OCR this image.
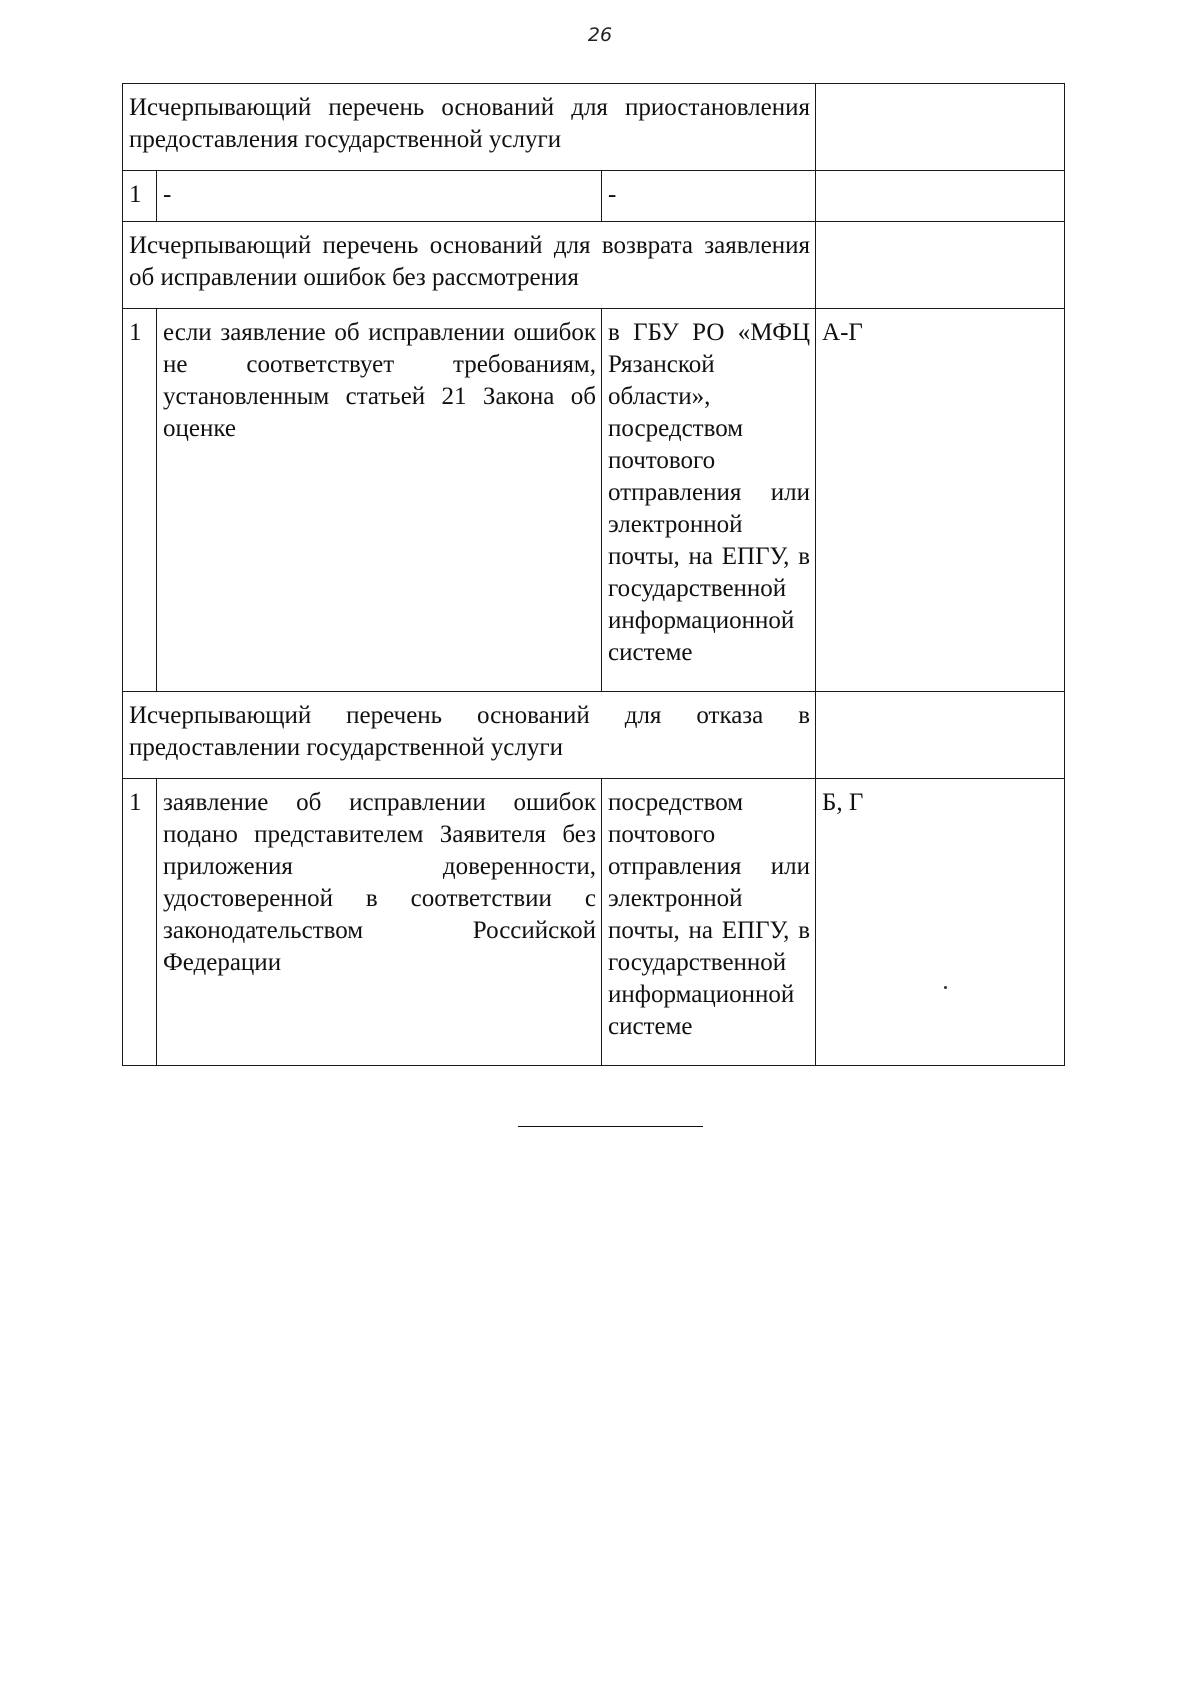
26
Исчерпывающий перечень оснований для приостановления предоставления государственной услуги			
1	-	-	
Исчерпывающий перечень оснований для возврата заявления об исправлении ошибок без рассмотрения			
1	если заявление об исправлении ошибок не соответствует требованиям, установленным статьей 21 Закона об оценке	в ГБУ РО «МФЦ Рязанской области», посредством почтового отправления или электронной почты, на ЕПГУ, в государственной информационной системе	А-Г
Исчерпывающий перечень оснований для отказа в предоставлении государственной услуги			
1	заявление об исправлении ошибок подано представителем Заявителя без приложения доверенности, удостоверенной в соответствии с законодательством Российской Федерации	посредством почтового отправления или электронной почты, на ЕПГУ, в государственной информационной системе	Б, Г
